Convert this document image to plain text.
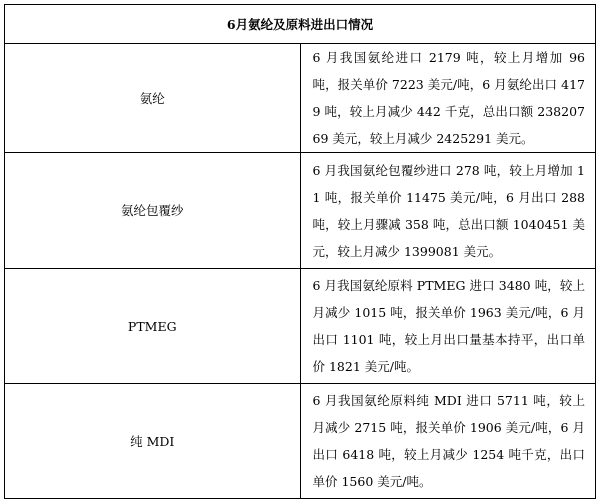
6月氨纶及原料进出口情况	
氨纶	6 月我国氨纶进口 2179 吨，较上月增加 96 吨，报关单价 7223 美元/吨，6 月氨纶出口 4179 吨，较上月减少 442 千克，总出口额 23820769 美元，较上月减少 2425291 美元。
氨纶包覆纱	6 月我国氨纶包覆纱进口 278 吨，较上月增加 11 吨，报关单价 11475 美元/吨，6 月出口 288 吨，较上月骤减 358 吨，总出口额 1040451 美元，较上月减少 1399081 美元。
PTMEG	6 月我国氨纶原料 PTMEG 进口 3480 吨，较上月减少 1015 吨，报关单价 1963 美元/吨，6 月出口 1101 吨，较上月出口量基本持平，出口单价 1821 美元/吨。
纯 MDI	6 月我国氨纶原料纯 MDI 进口 5711 吨，较上月减少 2715 吨，报关单价 1906 美元/吨，6 月出口 6418 吨，较上月减少 1254 吨千克，出口单价 1560 美元/吨。
